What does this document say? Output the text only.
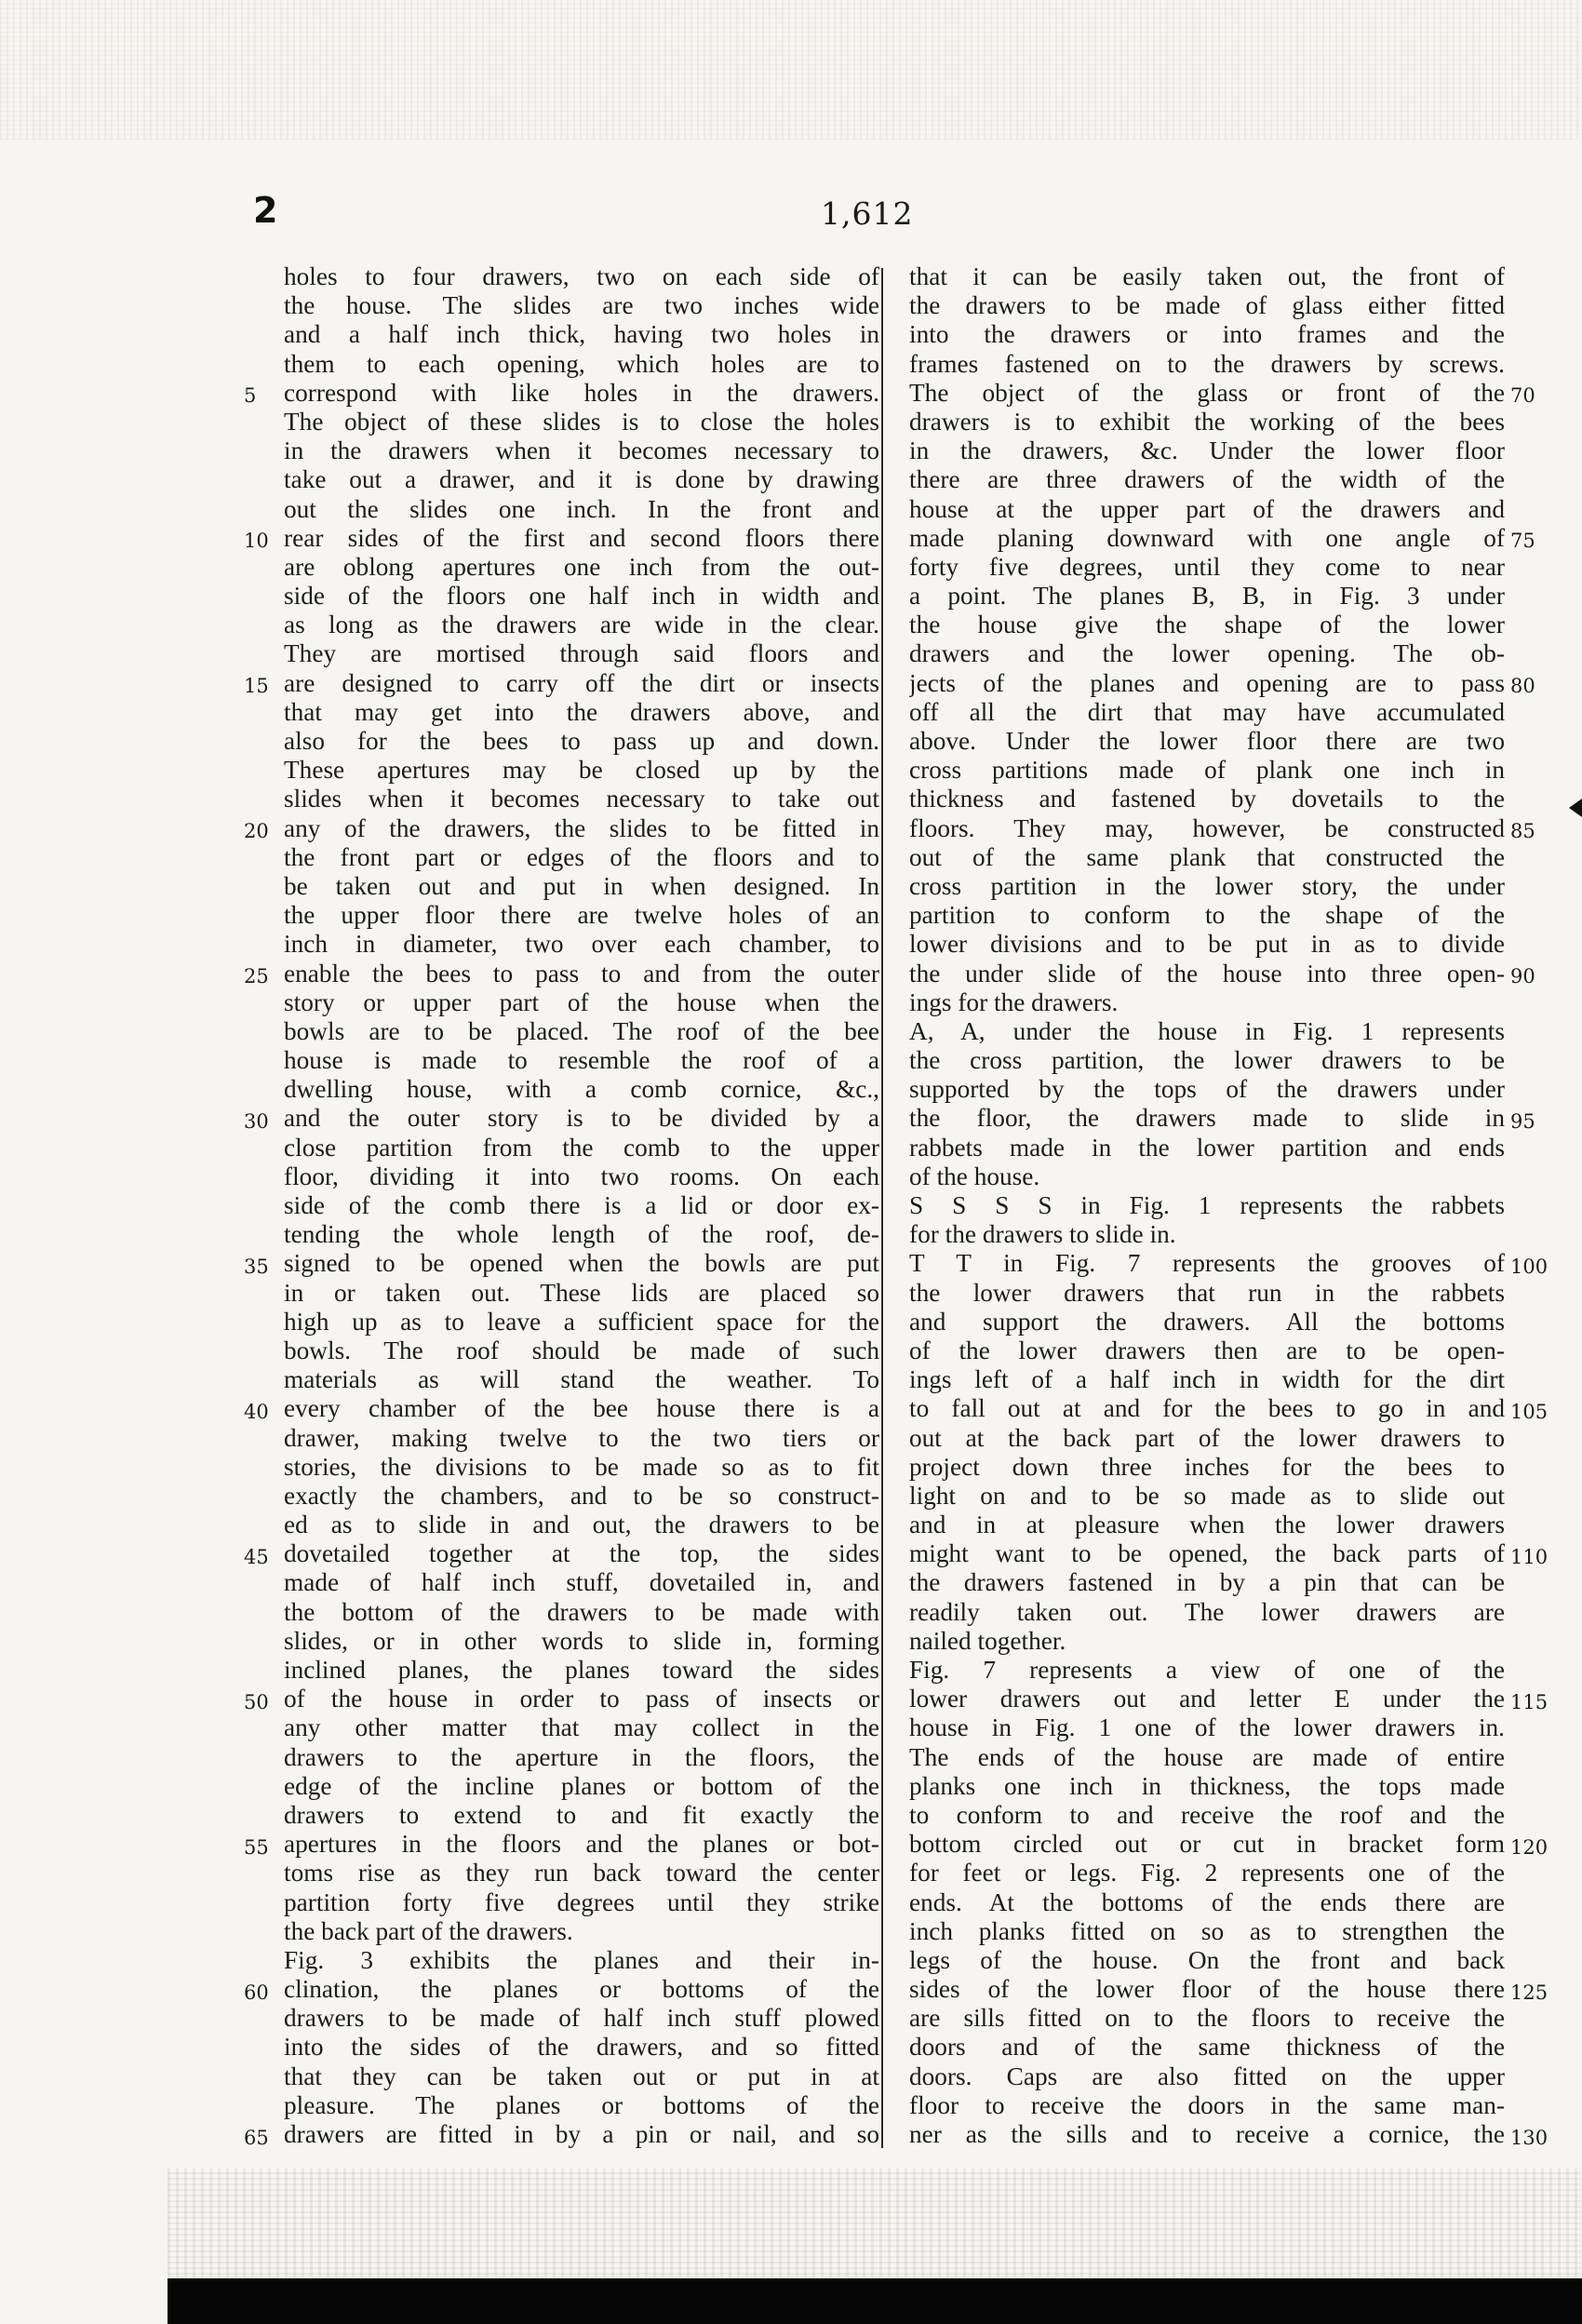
2	1,612
5
10
15
20
25
30
35
40
45
50
55
60
65
holes to four drawers, two on each side of
the house. The slides are two inches wide
and a half inch thick, having two holes in
them to each opening, which holes are to
correspond with like holes in the drawers.
The object of these slides is to close the holes
in the drawers when it becomes necessary to
take out a drawer, and it is done by drawing
out the slides one inch. In the front and
rear sides of the first and second floors there
are oblong apertures one inch from the out-
side of the floors one half inch in width and
as long as the drawers are wide in the clear.
They are mortised through said floors and
are designed to carry off the dirt or insects
that may get into the drawers above, and
also for the bees to pass up and down.
These apertures may be closed up by the
slides when it becomes necessary to take out
any of the drawers, the slides to be fitted in
the front part or edges of the floors and to
be taken out and put in when designed. In
the upper floor there are twelve holes of an
inch in diameter, two over each chamber, to
enable the bees to pass to and from the outer
story or upper part of the house when the
bowls are to be placed. The roof of the bee
house is made to resemble the roof of a
dwelling house, with a comb cornice, &c.,
and the outer story is to be divided by a
close partition from the comb to the upper
floor, dividing it into two rooms. On each
side of the comb there is a lid or door ex-
tending the whole length of the roof, de-
signed to be opened when the bowls are put
in or taken out. These lids are placed so
high up as to leave a sufficient space for the
bowls. The roof should be made of such
materials as will stand the weather. To
every chamber of the bee house there is a
drawer, making twelve to the two tiers or
stories, the divisions to be made so as to fit
exactly the chambers, and to be so construct-
ed as to slide in and out, the drawers to be
dovetailed together at the top, the sides
made of half inch stuff, dovetailed in, and
the bottom of the drawers to be made with
slides, or in other words to slide in, forming
inclined planes, the planes toward the sides
of the house in order to pass of insects or
any other matter that may collect in the
drawers to the aperture in the floors, the
edge of the incline planes or bottom of the
drawers to extend to and fit exactly the
apertures in the floors and the planes or bot-
toms rise as they run back toward the center
partition forty five degrees until they strike
the back part of the drawers.
Fig. 3 exhibits the planes and their in-
clination, the planes or bottoms of the
drawers to be made of half inch stuff plowed
into the sides of the drawers, and so fitted
that they can be taken out or put in at
pleasure. The planes or bottoms of the
drawers are fitted in by a pin or nail, and so
that it can be easily taken out, the front of
the drawers to be made of glass either fitted
into the drawers or into frames and the
frames fastened on to the drawers by screws.
The object of the glass or front of the
drawers is to exhibit the working of the bees
in the drawers, &c. Under the lower floor
there are three drawers of the width of the
house at the upper part of the drawers and
made planing downward with one angle of
forty five degrees, until they come to near
a point. The planes B, B, in Fig. 3 under
the house give the shape of the lower
drawers and the lower opening. The ob-
jects of the planes and opening are to pass
off all the dirt that may have accumulated
above. Under the lower floor there are two
cross partitions made of plank one inch in
thickness and fastened by dovetails to the
floors. They may, however, be constructed
out of the same plank that constructed the
cross partition in the lower story, the under
partition to conform to the shape of the
lower divisions and to be put in as to divide
the under slide of the house into three open-
ings for the drawers.
A, A, under the house in Fig. 1 represents
the cross partition, the lower drawers to be
supported by the tops of the drawers under
the floor, the drawers made to slide in
rabbets made in the lower partition and ends
of the house.
S S S S in Fig. 1 represents the rabbets
for the drawers to slide in.
T T in Fig. 7 represents the grooves of
the lower drawers that run in the rabbets
and support the drawers. All the bottoms
of the lower drawers then are to be open-
ings left of a half inch in width for the dirt
to fall out at and for the bees to go in and
out at the back part of the lower drawers to
project down three inches for the bees to
light on and to be so made as to slide out
and in at pleasure when the lower drawers
might want to be opened, the back parts of
the drawers fastened in by a pin that can be
readily taken out. The lower drawers are
nailed together.
Fig. 7 represents a view of one of the
lower drawers out and letter E under the
house in Fig. 1 one of the lower drawers in.
The ends of the house are made of entire
planks one inch in thickness, the tops made
to conform to and receive the roof and the
bottom circled out or cut in bracket form
for feet or legs. Fig. 2 represents one of the
ends. At the bottoms of the ends there are
inch planks fitted on so as to strengthen the
legs of the house. On the front and back
sides of the lower floor of the house there
are sills fitted on to the floors to receive the
doors and of the same thickness of the
doors. Caps are also fitted on the upper
floor to receive the doors in the same man-
ner as the sills and to receive a cornice, the
70
75
80
85
90
95
100
105
110
115
120
125
130
